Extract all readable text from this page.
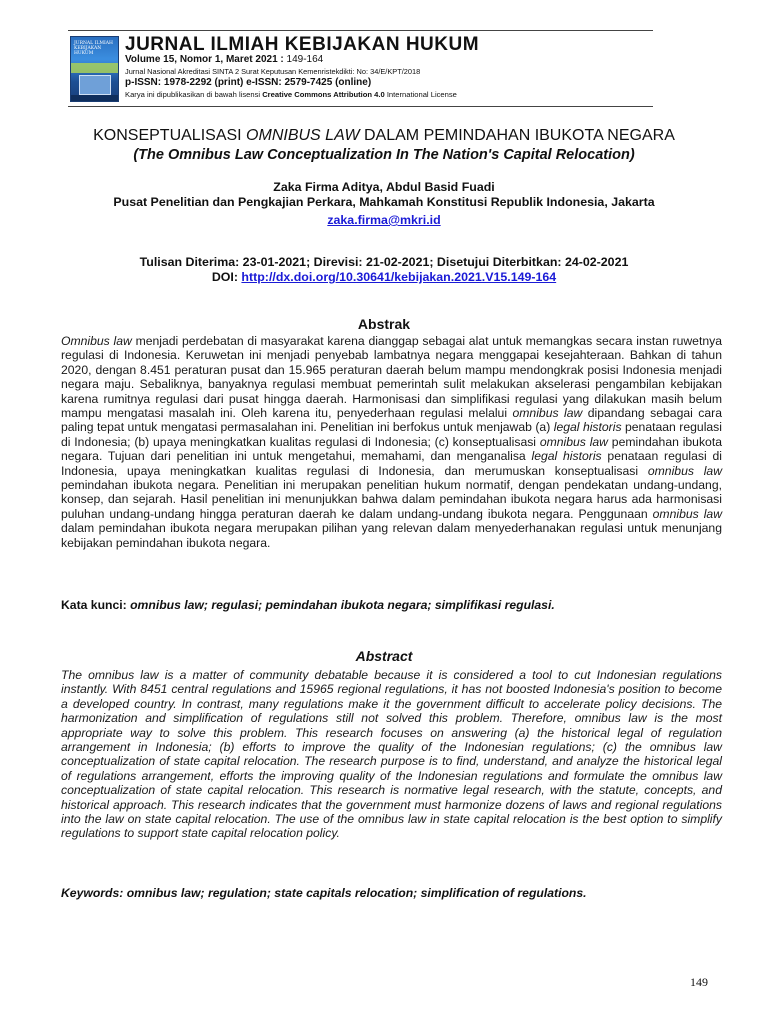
JURNAL ILMIAH KEBIJAKAN HUKUM	JURNAL ILMIAH KEBIJAKAN HUKUM
Volume 15, Nomor 1, Maret 2021 : 149-164
Jurnal Nasional Akreditasi SINTA 2 Surat Keputusan Kemenristekdikti: No: 34/E/KPT/2018
p-ISSN: 1978-2292 (print) e-ISSN: 2579-7425 (online)
Karya ini dipublikasikan di bawah lisensi Creative Commons Attribution 4.0 International License
KONSEPTUALISASI OMNIBUS LAW DALAM PEMINDAHAN IBUKOTA NEGARA
(The Omnibus Law Conceptualization In The Nation's Capital Relocation)
Zaka Firma Aditya, Abdul Basid Fuadi
Pusat Penelitian dan Pengkajian Perkara, Mahkamah Konstitusi Republik Indonesia, Jakarta
zaka.firma@mkri.id
Tulisan Diterima: 23-01-2021; Direvisi: 21-02-2021; Disetujui Diterbitkan: 24-02-2021
DOI: http://dx.doi.org/10.30641/kebijakan.2021.V15.149-164
Abstrak
Omnibus law menjadi perdebatan di masyarakat karena dianggap sebagai alat untuk memangkas secara instan ruwetnya regulasi di Indonesia. Keruwetan ini menjadi penyebab lambatnya negara menggapai kesejahteraan. Bahkan di tahun 2020, dengan 8.451 peraturan pusat dan 15.965 peraturan daerah belum mampu mendongkrak posisi Indonesia menjadi negara maju. Sebaliknya, banyaknya regulasi membuat pemerintah sulit melakukan akselerasi pengambilan kebijakan karena rumitnya regulasi dari pusat hingga daerah. Harmonisasi dan simplifikasi regulasi yang dilakukan masih belum mampu mengatasi masalah ini. Oleh karena itu, penyederhaan regulasi melalui omnibus law dipandang sebagai cara paling tepat untuk mengatasi permasalahan ini. Penelitian ini berfokus untuk menjawab (a) legal historis penataan regulasi di Indonesia; (b) upaya meningkatkan kualitas regulasi di Indonesia; (c) konseptualisasi omnibus law pemindahan ibukota negara. Tujuan dari penelitian ini untuk mengetahui, memahami, dan menganalisa legal historis penataan regulasi di Indonesia, upaya meningkatkan kualitas regulasi di Indonesia, dan merumuskan konseptualisasi omnibus law pemindahan ibukota negara. Penelitian ini merupakan penelitian hukum normatif, dengan pendekatan undang-undang, konsep, dan sejarah. Hasil penelitian ini menunjukkan bahwa dalam pemindahan ibukota negara harus ada harmonisasi puluhan undang-undang hingga peraturan daerah ke dalam undang-undang ibukota negara. Penggunaan omnibus law dalam pemindahan ibukota negara merupakan pilihan yang relevan dalam menyederhanakan regulasi untuk menunjang kebijakan pemindahan ibukota negara.
Kata kunci: omnibus law; regulasi; pemindahan ibukota negara; simplifikasi regulasi.
Abstract
The omnibus law is a matter of community debatable because it is considered a tool to cut Indonesian regulations instantly. With 8451 central regulations and 15965 regional regulations, it has not boosted Indonesia's position to become a developed country. In contrast, many regulations make it the government difficult to accelerate policy decisions. The harmonization and simplification of regulations still not solved this problem. Therefore, omnibus law is the most appropriate way to solve this problem. This research focuses on answering (a) the historical legal of regulation arrangement in Indonesia; (b) efforts to improve the quality of the Indonesian regulations; (c) the omnibus law conceptualization of state capital relocation. The research purpose is to find, understand, and analyze the historical legal of regulations arrangement, efforts the improving quality of the Indonesian regulations and formulate the omnibus law conceptualization of state capital relocation. This research is normative legal research, with the statute, concepts, and historical approach. This research indicates that the government must harmonize dozens of laws and regional regulations into the law on state capital relocation. The use of the omnibus law in state capital relocation is the best option to simplify regulations to support state capital relocation policy.
Keywords: omnibus law; regulation; state capitals relocation; simplification of regulations.
149
